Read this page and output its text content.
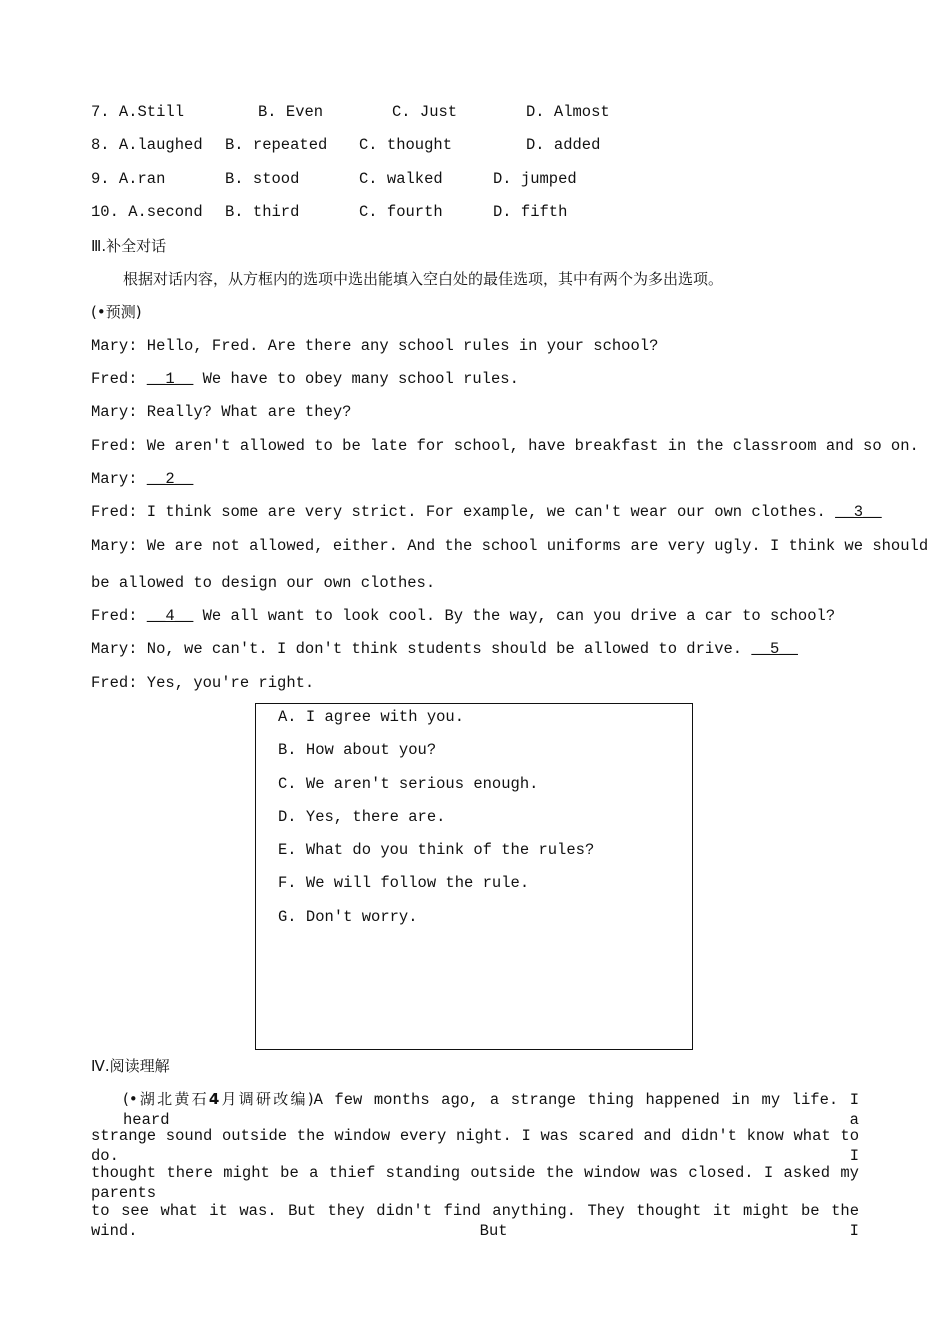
7. A.Still	B. Even	C. Just	D. Almost
8. A.laughed B. repeated C. thought	D. added
9. A.ran	B. stood	C. walked	D. jumped
10. A.second B. third	C. fourth	D. fifth
Ⅲ.补全对话
根据对话内容，从方框内的选项中选出能填入空白处的最佳选项，其中有两个为多出选项。
(•预测)
Mary: Hello, Fred. Are there any school rules in your school?
Fred: __1__ We have to obey many school rules.
Mary: Really? What are they?
Fred: We aren't allowed to be late for school, have breakfast in the classroom and so on.
Mary: __2__
Fred: I think some are very strict. For example, we can't wear our own clothes. __3__
Mary: We are not allowed, either. And the school uniforms are very ugly. I think we should
be allowed to design our own clothes.
Fred: __4__ We all want to look cool. By the way, can you drive a car to school?
Mary: No, we can't. I don't think students should be allowed to drive. __5__
Fred: Yes, you're right.
A. I agree with you.
B. How about you?
C. We aren't serious enough.
D. Yes, there are.
E. What do you think of the rules?
F. We will follow the rule.
G. Don't worry.
Ⅳ.阅读理解
(•湖北黄石4月调研改编)A few months ago, a strange thing happened in my life. I heard a
strange sound outside the window every night. I was scared and didn't know what to do. I
thought there might be a thief standing outside the window was closed. I asked my parents
to see what it was. But they didn't find anything. They thought it might be the wind. But I
